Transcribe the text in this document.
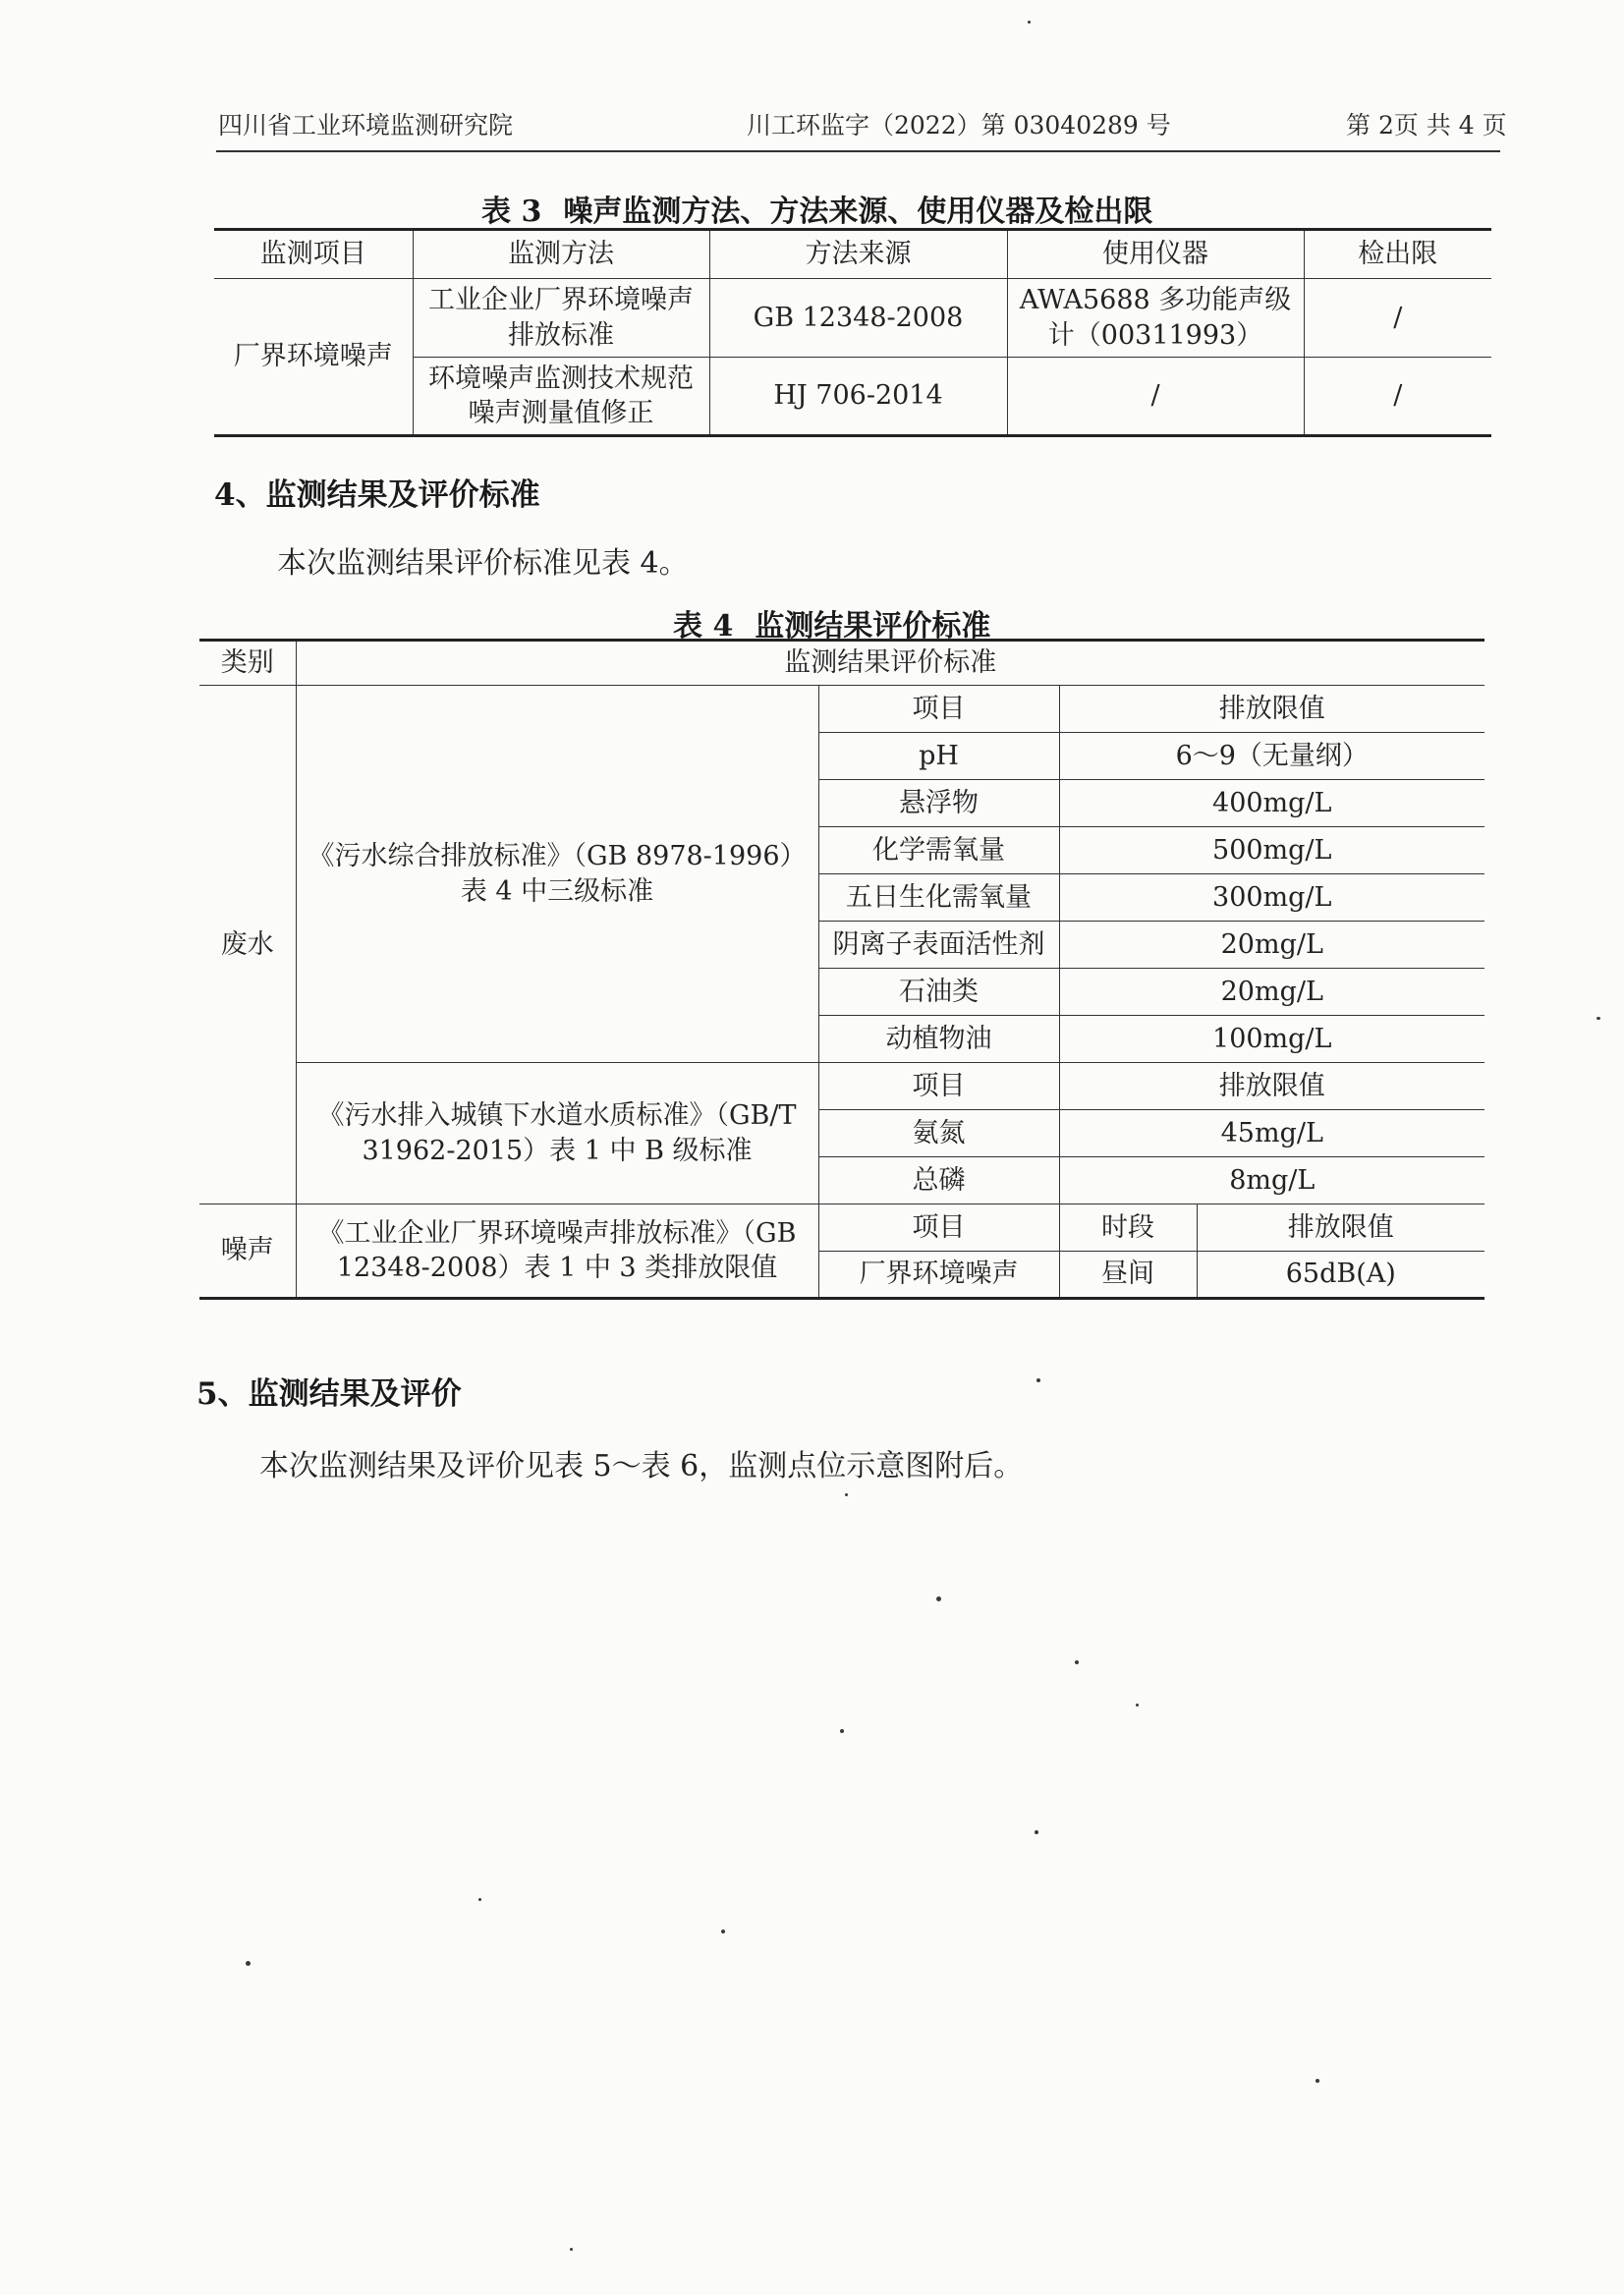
四川省工业环境监测研究院	川工环监字（2022）第 03040289 号	第 2页 共 4 页
表 3 噪声监测方法、方法来源、使用仪器及检出限
监测项目	监测方法	方法来源	使用仪器	检出限
厂界环境噪声	工业企业厂界环境噪声排放标准	GB 12348-2008	AWA5688 多功能声级计（00311993）	/
	环境噪声监测技术规范噪声测量值修正	HJ 706-2014	/	/
4、监测结果及评价标准
本次监测结果评价标准见表 4。
表 4 监测结果评价标准
类别	监测结果评价标准			
废水	《污水综合排放标准》（GB 8978-1996）表 4 中三级标准	项目	排放限值	
		pH	6～9（无量纲）	
		悬浮物	400mg/L	
		化学需氧量	500mg/L	
		五日生化需氧量	300mg/L	
		阴离子表面活性剂	20mg/L	
		石油类	20mg/L	
		动植物油	100mg/L	
	《污水排入城镇下水道水质标准》（GB/T 31962-2015）表 1 中 B 级标准	项目	排放限值	
		氨氮	45mg/L	
		总磷	8mg/L	
噪声	《工业企业厂界环境噪声排放标准》（GB 12348-2008）表 1 中 3 类排放限值	项目	时段	排放限值
		厂界环境噪声	昼间	65dB(A)
5、监测结果及评价
本次监测结果及评价见表 5～表 6，监测点位示意图附后。
